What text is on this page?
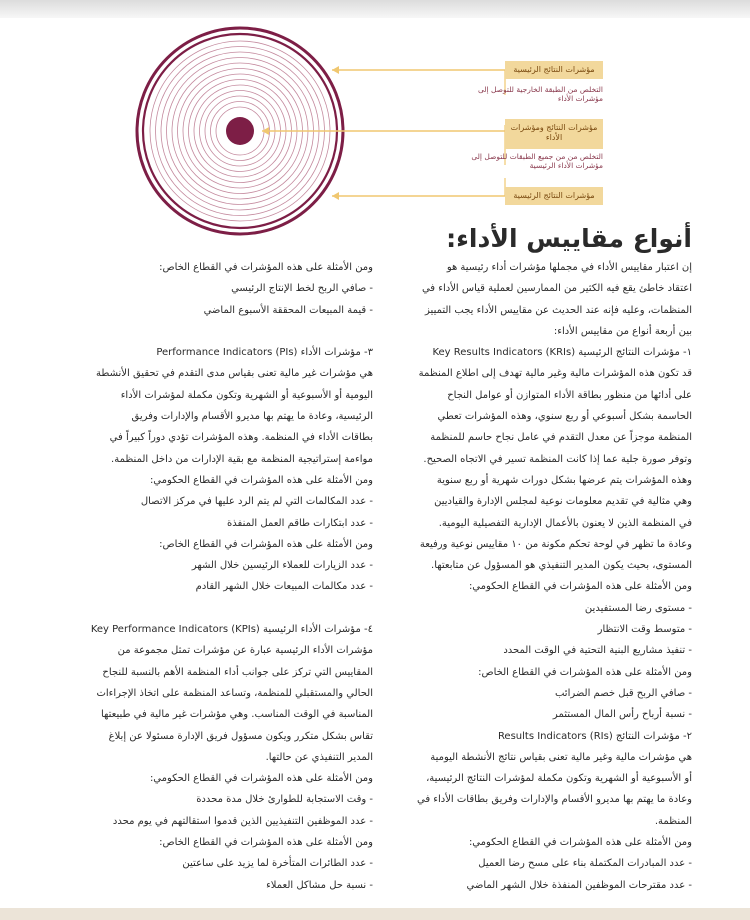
مؤشرات النتائج الرئيسية
التخلص من الطبقة الخارجية للتوصل إلى مؤشرات الأداء
مؤشرات النتائج ومؤشرات الأداء
التخلص من من جميع الطبقات للتوصل إلى مؤشرات الأداء الرئيسية
مؤشرات النتائج الرئيسية
أنواع مقاييس الأداء:

إن اعتبار مقاييس الأداء في مجملها مؤشرات أداء رئيسية هو

اعتقاد خاطئ يقع فيه الكثير من الممارسين لعملية قياس الأداء في

المنظمات، وعليه فإنه عند الحديث عن مقاييس الأداء يجب التمييز

بين أربعة أنواع من مقاييس الأداء:

١- مؤشرات النتائج الرئيسية (Key Results Indicators (KRIs

قد تكون هذه المؤشرات مالية وغير مالية تهدف إلى اطلاع المنظمة

على أدائها من منظور بطاقة الأداء المتوازن أو عوامل النجاح

الحاسمة بشكل أسبوعي أو ربع سنوي، وهذه المؤشرات تعطي

المنظمة موجزاً عن معدل التقدم في عامل نجاح حاسم للمنظمة

وتوفر صورة جلية عما إذا كانت المنظمة تسير في الاتجاه الصحيح.

وهذه المؤشرات يتم عرضها بشكل دورات شهرية أو ربع سنوية

وهي مثالية في تقديم معلومات نوعية لمجلس الإدارة والقياديين

في المنظمة الذين لا يعنون بالأعمال الإدارية التفصيلية اليومية.

وعادة ما تظهر في لوحة تحكم مكونة من ١٠ مقاييس نوعية ورفيعة

المستوى، بحيث يكون المدير التنفيذي هو المسؤول عن متابعتها.

ومن الأمثلة على هذه المؤشرات في القطاع الحكومي:

- مستوى رضا المستفيدين

- متوسط وقت الانتظار

- تنفيذ مشاريع البنية التحتية في الوقت المحدد

ومن الأمثلة على هذه المؤشرات في القطاع الخاص:

- صافي الربح قبل خصم الضرائب

- نسبة أرباح رأس المال المستثمر

٢- مؤشرات النتائج (Results Indicators (RIs

هي مؤشرات مالية وغير مالية تعنى بقياس نتائج الأنشطة اليومية

أو الأسبوعية أو الشهرية وتكون مكملة لمؤشرات النتائج الرئيسية،

وعادة ما يهتم بها مديرو الأقسام والإدارات وفريق بطاقات الأداء في

المنظمة.

ومن الأمثلة على هذه المؤشرات في القطاع الحكومي:

- عدد المبادرات المكتملة بناء على مسح رضا العميل

- عدد مقترحات الموظفين المنفذة خلال الشهر الماضي

ومن الأمثلة على هذه المؤشرات في القطاع الخاص:

- صافي الربح لخط الإنتاج الرئيسي

- قيمة المبيعات المحققة الأسبوع الماضي

٣- مؤشرات الأداء (Performance Indicators (PIs

هي مؤشرات غير مالية تعنى بقياس مدى التقدم في تحقيق الأنشطة

اليومية أو الأسبوعية أو الشهرية وتكون مكملة لمؤشرات الأداء

الرئيسية، وعادة ما يهتم بها مديرو الأقسام والإدارات وفريق

بطاقات الأداء في المنظمة. وهذه المؤشرات تؤدي دوراً كبيراً في

مواءمة إستراتيجية المنظمة مع بقية الإدارات من داخل المنظمة.

ومن الأمثلة على هذه المؤشرات في القطاع الحكومي:

- عدد المكالمات التي لم يتم الرد عليها في مركز الاتصال

- عدد ابتكارات طاقم العمل المنفذة

ومن الأمثلة على هذه المؤشرات في القطاع الخاص:

- عدد الزيارات للعملاء الرئيسين خلال الشهر

- عدد مكالمات المبيعات خلال الشهر القادم

٤- مؤشرات الأداء الرئيسية (Key Performance Indicators (KPIs

مؤشرات الأداء الرئيسية عبارة عن مؤشرات تمثل مجموعة من

المقاييس التي تركز على جوانب أداء المنظمة الأهم بالنسبة للنجاح

الحالي والمستقبلي للمنظمة، وتساعد المنظمة على اتخاذ الإجراءات

المناسبة في الوقت المناسب. وهي مؤشرات غير مالية في طبيعتها

تقاس بشكل متكرر ويكون مسؤول فريق الإدارة مسئولا عن إبلاغ

المدير التنفيذي عن حالتها.

ومن الأمثلة على هذه المؤشرات في القطاع الحكومي:

- وقت الاستجابة للطوارئ خلال مدة محددة

- عدد الموظفين التنفيذيين الذين قدموا استقالتهم في يوم محدد

ومن الأمثلة على هذه المؤشرات في القطاع الخاص:

- عدد الطائرات المتأخرة لما يزيد على ساعتين

- نسبة حل مشاكل العملاء
